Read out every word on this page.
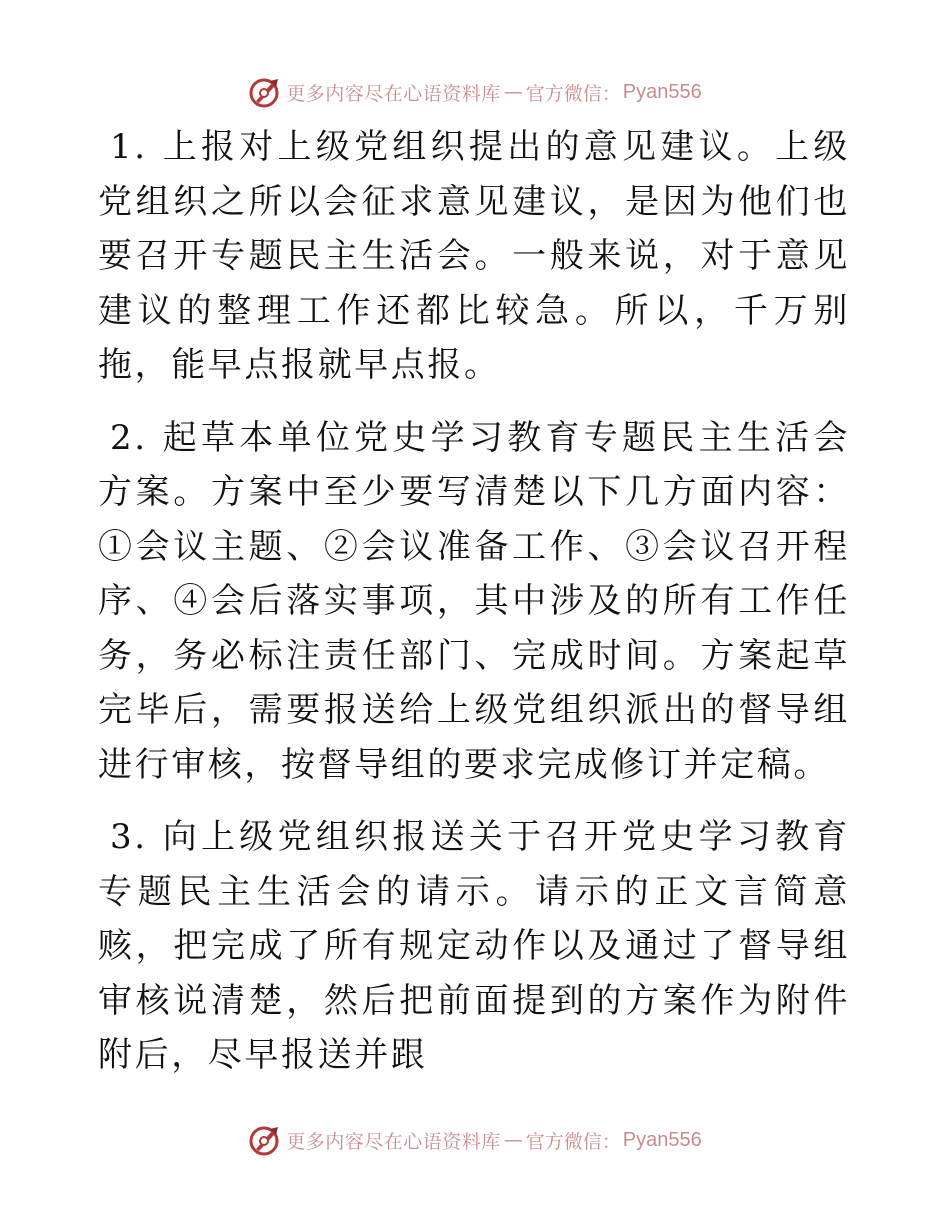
更多内容尽在心语资料库 — 官方微信： Pyan556

1. 上报对上级党组织提出的意见建议。上级党组织之所以会征求意见建议，是因为他们也要召开专题民主生活会。一般来说，对于意见建议的整理工作还都比较急。所以，千万别拖，能早点报就早点报。

2. 起草本单位党史学习教育专题民主生活会方案。方案中至少要写清楚以下几方面内容：①会议主题、②会议准备工作、③会议召开程序、④会后落实事项，其中涉及的所有工作任务，务必标注责任部门、完成时间。方案起草完毕后，需要报送给上级党组织派出的督导组进行审核，按督导组的要求完成修订并定稿。

3. 向上级党组织报送关于召开党史学习教育专题民主生活会的请示。请示的正文言简意赅，把完成了所有规定动作以及通过了督导组审核说清楚，然后把前面提到的方案作为附件附后，尽早报送并跟

更多内容尽在心语资料库 — 官方微信： Pyan556
